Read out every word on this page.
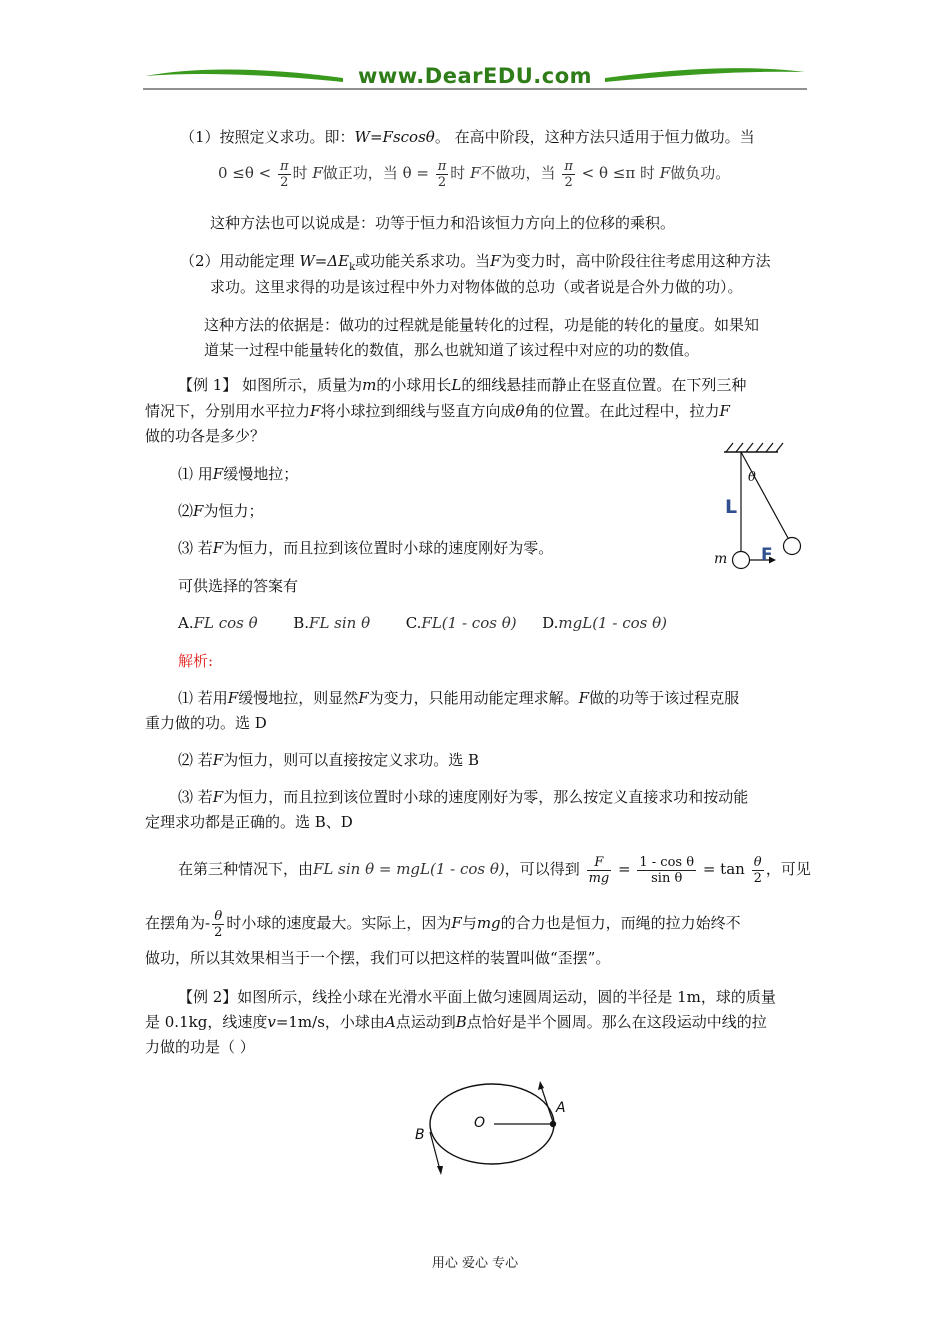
www.DearEDU.com
（1）按照定义求功。即：W=Fscosθ。 在高中阶段，这种方法只适用于恒力做功。当
$0 \le\theta < \frac{\pi}{2}$ 时 F做正功，当 $\theta = \frac{\pi}{2}$ 时 F不做功，当 $\frac{\pi}{2} < \theta \le\pi$ 时 F做负功。
这种方法也可以说成是：功等于恒力和沿该恒力方向上的位移的乘积。
（2）用动能定理 $W=\Delta E_k$或功能关系求功。当F为变力时，高中阶段往往考虑用这种方法
求功。这里求得的功是该过程中外力对物体做的总功（或者说是合外力做的功）。
这种方法的依据是：做功的过程就是能量转化的过程，功是能的转化的量度。如果知
道某一过程中能量转化的数值，那么也就知道了该过程中对应的功的数值。
【例 1】 如图所示，质量为m的小球用长L的细线悬挂而静止在竖直位置。在下列三种
情况下，分别用水平拉力F将小球拉到细线与竖直方向成θ角的位置。在此过程中，拉力F
做的功各是多少？
⑴ 用F缓慢地拉；
⑵F为恒力；
⑶ 若F为恒力，而且拉到该位置时小球的速度刚好为零。
可供选择的答案有
A.FL cos θ B.FL sin θ C.FL(1 - cos θ) D.mgL(1 - cos θ)
θ
L
m F
解析:
⑴ 若用F缓慢地拉，则显然F为变力，只能用动能定理求解。F做的功等于该过程克服
重力做的功。选 D
⑵ 若F为恒力，则可以直接按定义求功。选 B
⑶ 若F为恒力，而且拉到该位置时小球的速度刚好为零，那么按定义直接求功和按动能
定理求功都是正确的。选 B、D
在第三种情况下，由FL sin θ = mgL(1 - cos θ)，可以得到 $\frac{F}{mg} = \frac{\text{1 - cos θ}}{\text{sin θ}} = \tan \frac{\theta}{2}$ ，可见
在摆角为- $\frac{\theta}{2}$ 时小球的速度最大。实际上，因为F与mg的合力也是恒力，而绳的拉力始终不
做功，所以其效果相当于一个摆，我们可以把这样的装置叫做“歪摆”。
【例 2】如图所示，线拴小球在光滑水平面上做匀速圆周运动，圆的半径是 1m，球的质量
是 0.1kg，线速度v=1m/s，小球由A点运动到B点恰好是半个圆周。那么在这段运动中线的拉
力做的功是（ ）
O
A
B
用心 爱心 专心
